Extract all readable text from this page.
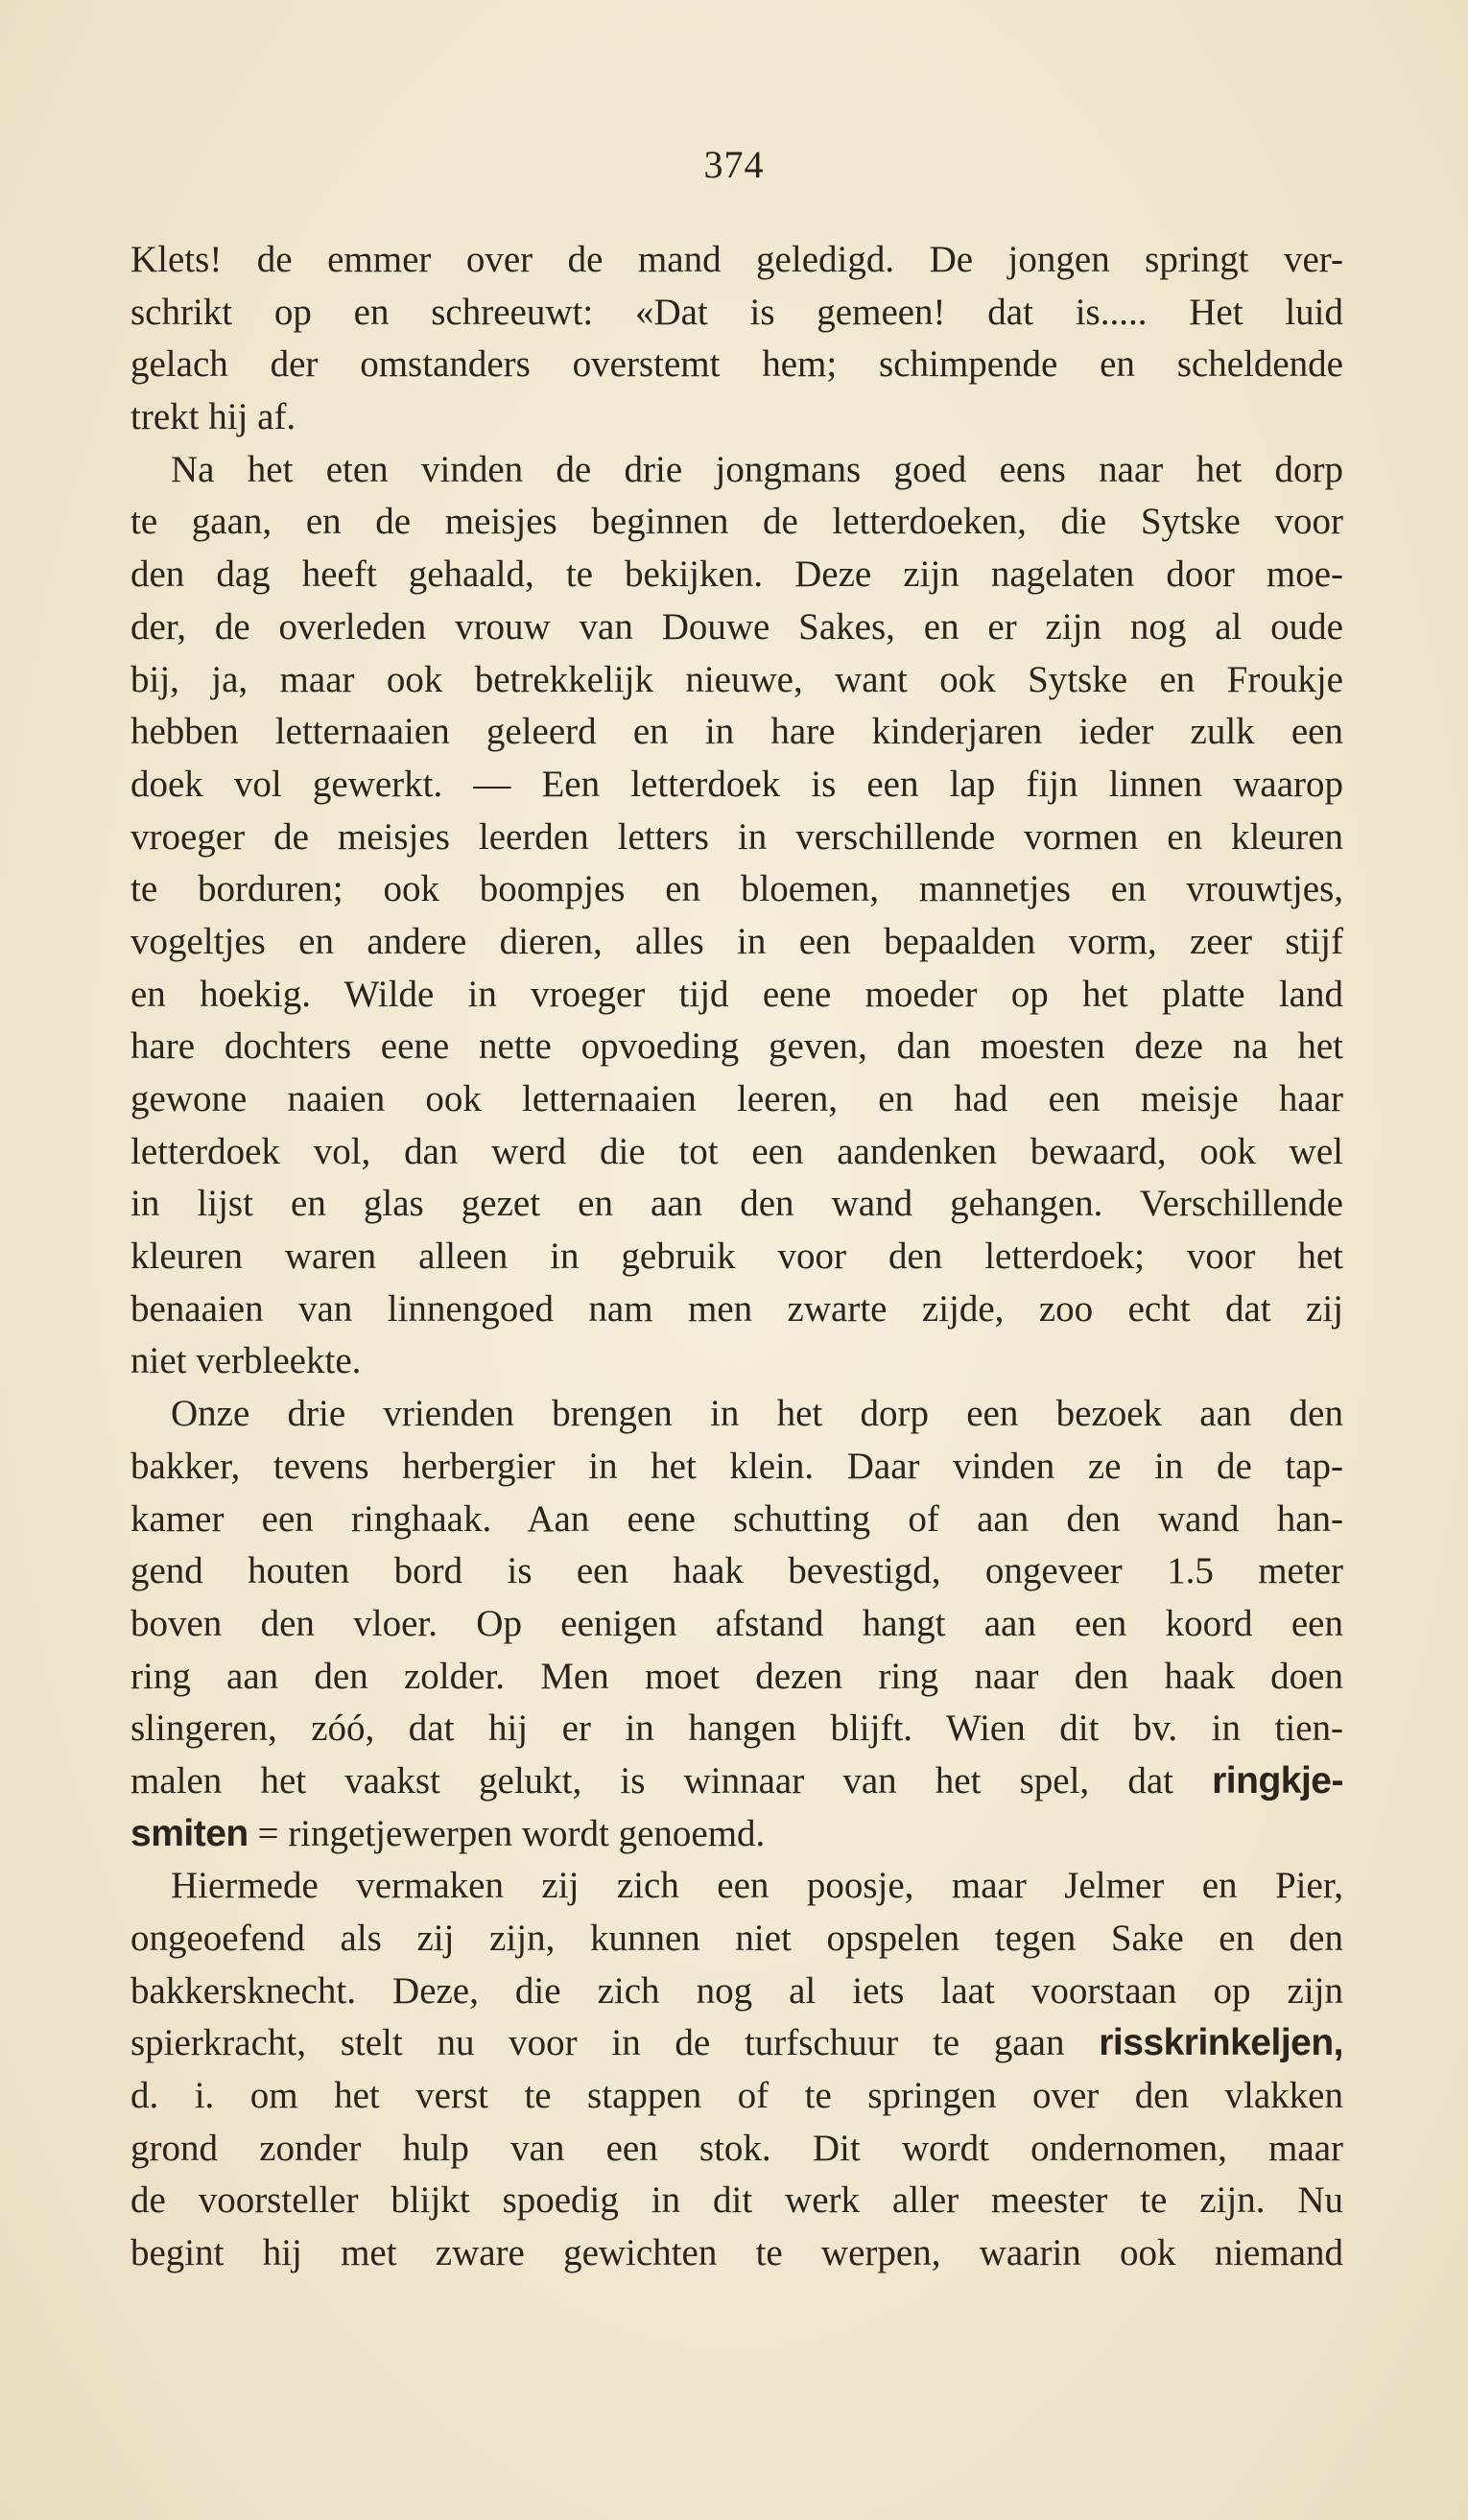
374
Klets! de emmer over de mand geledigd. De jongen springt ver-
schrikt op en schreeuwt: «Dat is gemeen! dat is..... Het luid
gelach der omstanders overstemt hem; schimpende en scheldende
trekt hij af.
Na het eten vinden de drie jongmans goed eens naar het dorp
te gaan, en de meisjes beginnen de letterdoeken, die Sytske voor
den dag heeft gehaald, te bekijken. Deze zijn nagelaten door moe-
der, de overleden vrouw van Douwe Sakes, en er zijn nog al oude
bij, ja, maar ook betrekkelijk nieuwe, want ook Sytske en Froukje
hebben letternaaien geleerd en in hare kinderjaren ieder zulk een
doek vol gewerkt. — Een letterdoek is een lap fijn linnen waarop
vroeger de meisjes leerden letters in verschillende vormen en kleuren
te borduren; ook boompjes en bloemen, mannetjes en vrouwtjes,
vogeltjes en andere dieren, alles in een bepaalden vorm, zeer stijf
en hoekig. Wilde in vroeger tijd eene moeder op het platte land
hare dochters eene nette opvoeding geven, dan moesten deze na het
gewone naaien ook letternaaien leeren, en had een meisje haar
letterdoek vol, dan werd die tot een aandenken bewaard, ook wel
in lijst en glas gezet en aan den wand gehangen. Verschillende
kleuren waren alleen in gebruik voor den letterdoek; voor het
benaaien van linnengoed nam men zwarte zijde, zoo echt dat zij
niet verbleekte.
Onze drie vrienden brengen in het dorp een bezoek aan den
bakker, tevens herbergier in het klein. Daar vinden ze in de tap-
kamer een ringhaak. Aan eene schutting of aan den wand han-
gend houten bord is een haak bevestigd, ongeveer 1.5 meter
boven den vloer. Op eenigen afstand hangt aan een koord een
ring aan den zolder. Men moet dezen ring naar den haak doen
slingeren, zóó, dat hij er in hangen blijft. Wien dit bv. in tien-
malen het vaakst gelukt, is winnaar van het spel, dat ringkje-
smiten = ringetjewerpen wordt genoemd.
Hiermede vermaken zij zich een poosje, maar Jelmer en Pier,
ongeoefend als zij zijn, kunnen niet opspelen tegen Sake en den
bakkersknecht. Deze, die zich nog al iets laat voorstaan op zijn
spierkracht, stelt nu voor in de turfschuur te gaan risskrinkeljen,
d. i. om het verst te stappen of te springen over den vlakken
grond zonder hulp van een stok. Dit wordt ondernomen, maar
de voorsteller blijkt spoedig in dit werk aller meester te zijn. Nu
begint hij met zware gewichten te werpen, waarin ook niemand
